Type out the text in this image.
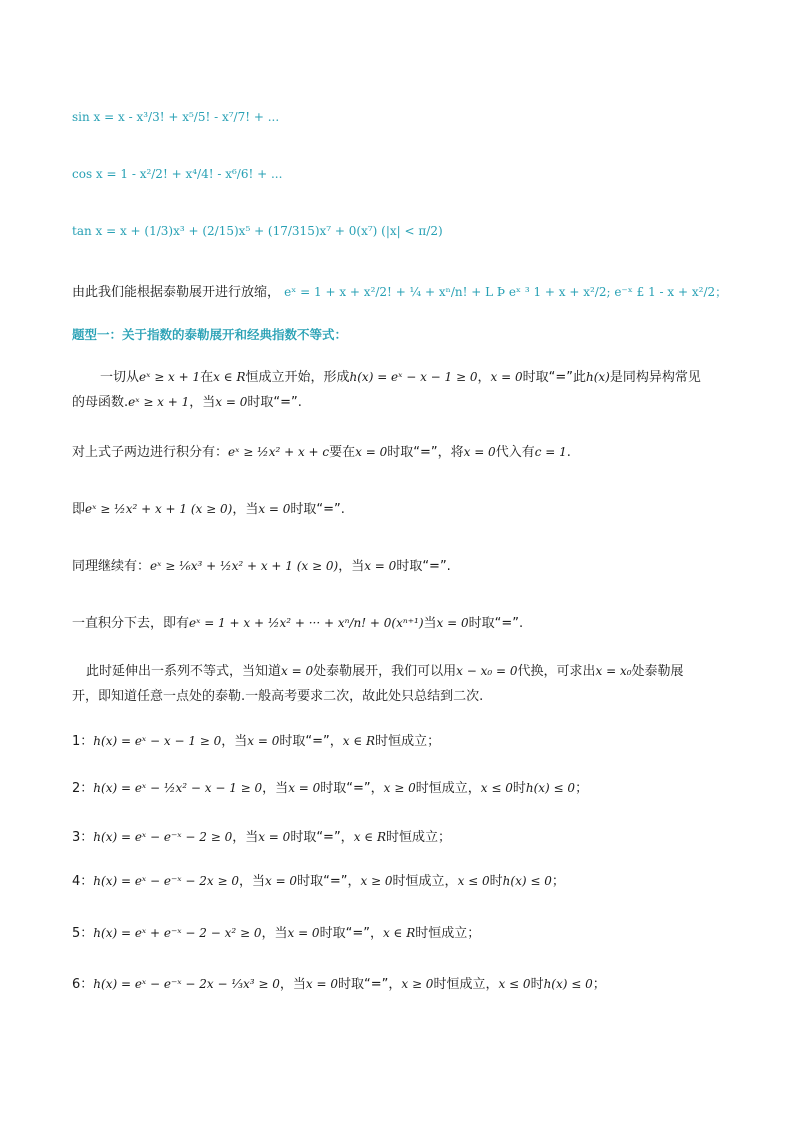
sin x = x - x³/3! + x⁵/5! - x⁷/7! + ...
cos x = 1 - x²/2! + x⁴/4! - x⁶/6! + ...
tan x = x + (1/3)x³ + (2/15)x⁵ + (17/315)x⁷ + 0(x⁷) (|x| < π/2)
由此我们能根据泰勒展开进行放缩， eˣ = 1 + x + x²/2! + ¼ + xⁿ/n! + L Þ eˣ ³ 1 + x + x²/2; e⁻ˣ £ 1 - x + x²/2；
题型一：关于指数的泰勒展开和经典指数不等式：
一切从eˣ ≥ x + 1在x ∈ R恒成立开始，形成h(x) = eˣ − x − 1 ≥ 0，x = 0时取“=”此h(x)是同构异构常见
的母函数.eˣ ≥ x + 1，当x = 0时取“=”.
对上式子两边进行积分有：eˣ ≥ ½x² + x + c要在x = 0时取“=”，将x = 0代入有c = 1.
即eˣ ≥ ½x² + x + 1 (x ≥ 0)，当x = 0时取“=”.
同理继续有：eˣ ≥ ⅙x³ + ½x² + x + 1 (x ≥ 0)，当x = 0时取“=”.
一直积分下去，即有eˣ = 1 + x + ½x² + ··· + xⁿ/n! + 0(xⁿ⁺¹)当x = 0时取“=”.
此时延伸出一系列不等式，当知道x = 0处泰勒展开，我们可以用x − x₀ = 0代换，可求出x = x₀处泰勒展
开，即知道任意一点处的泰勒.一般高考要求二次，故此处只总结到二次.
1：h(x) = eˣ − x − 1 ≥ 0，当x = 0时取“=”，x ∈ R时恒成立；
2：h(x) = eˣ − ½x² − x − 1 ≥ 0，当x = 0时取“=”，x ≥ 0时恒成立，x ≤ 0时h(x) ≤ 0；
3：h(x) = eˣ − e⁻ˣ − 2 ≥ 0，当x = 0时取“=”，x ∈ R时恒成立；
4：h(x) = eˣ − e⁻ˣ − 2x ≥ 0，当x = 0时取“=”，x ≥ 0时恒成立，x ≤ 0时h(x) ≤ 0；
5：h(x) = eˣ + e⁻ˣ − 2 − x² ≥ 0，当x = 0时取“=”，x ∈ R时恒成立；
6：h(x) = eˣ − e⁻ˣ − 2x − ⅓x³ ≥ 0，当x = 0时取“=”，x ≥ 0时恒成立，x ≤ 0时h(x) ≤ 0；
